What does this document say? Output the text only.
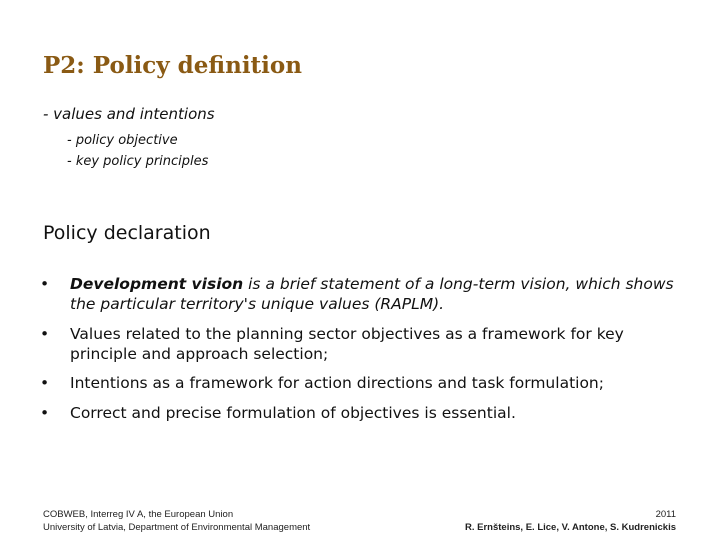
P2: Policy definition
- values and intentions
- policy objective
- key policy principles
Policy declaration
• Development vision is a brief statement of a long-term vision, which shows the particular territory's unique values (RAPLM).
• Values related to the planning sector objectives as a framework for key principle and approach selection;
• Intentions as a framework for action directions and task formulation;
• Correct and precise formulation of objectives is essential.
COBWEB, Interreg IV A, the European Union
University of Latvia, Department of Environmental Management
2011
R. Ernšteins, E. Lice, V. Antone, S. Kudrenickis
